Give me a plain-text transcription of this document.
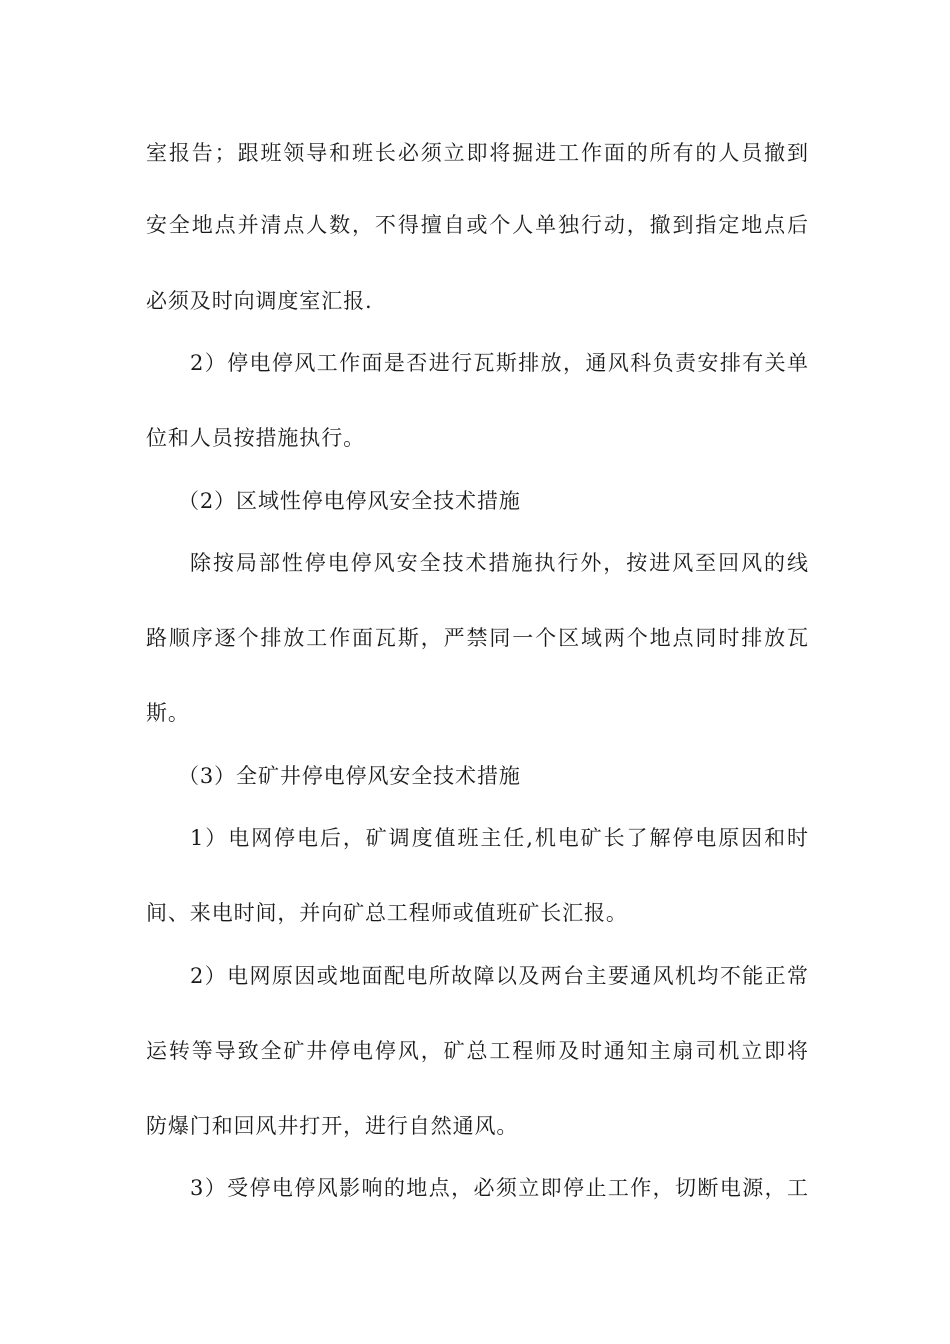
室报告；跟班领导和班长必须立即将掘进工作面的所有的人员撤到
安全地点并清点人数，不得擅自或个人单独行动，撤到指定地点后
必须及时向调度室汇报.
2）停电停风工作面是否进行瓦斯排放，通风科负责安排有关单
位和人员按措施执行。
（2）区域性停电停风安全技术措施
除按局部性停电停风安全技术措施执行外，按进风至回风的线
路顺序逐个排放工作面瓦斯，严禁同一个区域两个地点同时排放瓦
斯。
（3）全矿井停电停风安全技术措施
1）电网停电后，矿调度值班主任,机电矿长了解停电原因和时
间、来电时间，并向矿总工程师或值班矿长汇报。
2）电网原因或地面配电所故障以及两台主要通风机均不能正常
运转等导致全矿井停电停风，矿总工程师及时通知主扇司机立即将
防爆门和回风井打开，进行自然通风。
3）受停电停风影响的地点，必须立即停止工作，切断电源，工
